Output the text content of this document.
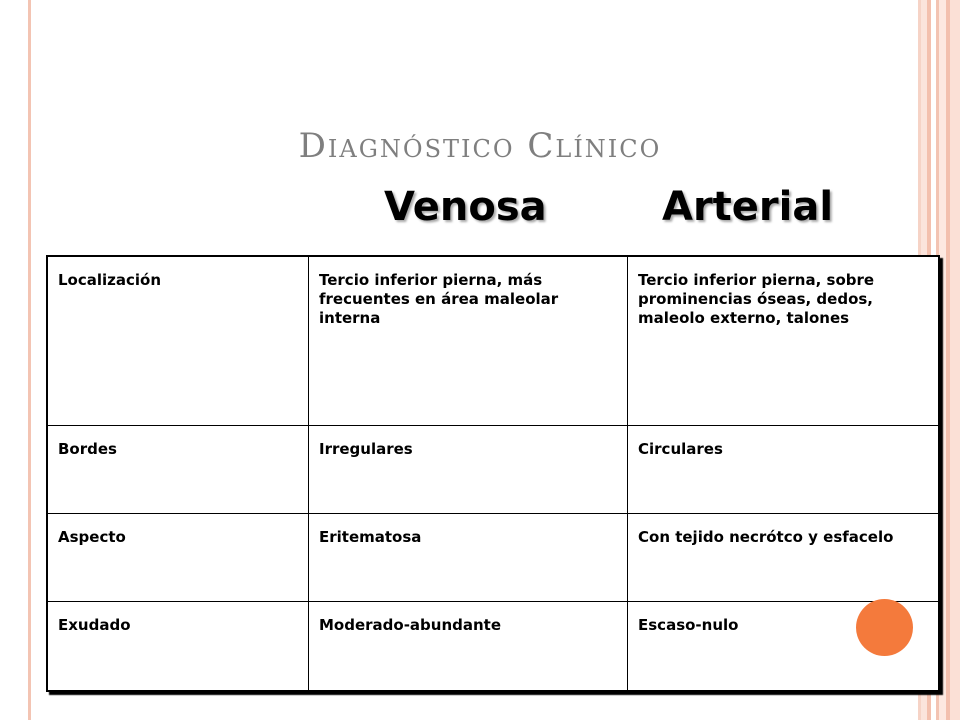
Diagnóstico Clínico
Venosa	Arterial
Localización	Tercio inferior pierna, más frecuentes en área maleolar interna	Tercio inferior pierna, sobre prominencias óseas, dedos, maleolo externo, talones
Bordes	Irregulares	Circulares
Aspecto	Eritematosa	Con tejido necrótco y esfacelo
Exudado	Moderado-abundante	Escaso-nulo
